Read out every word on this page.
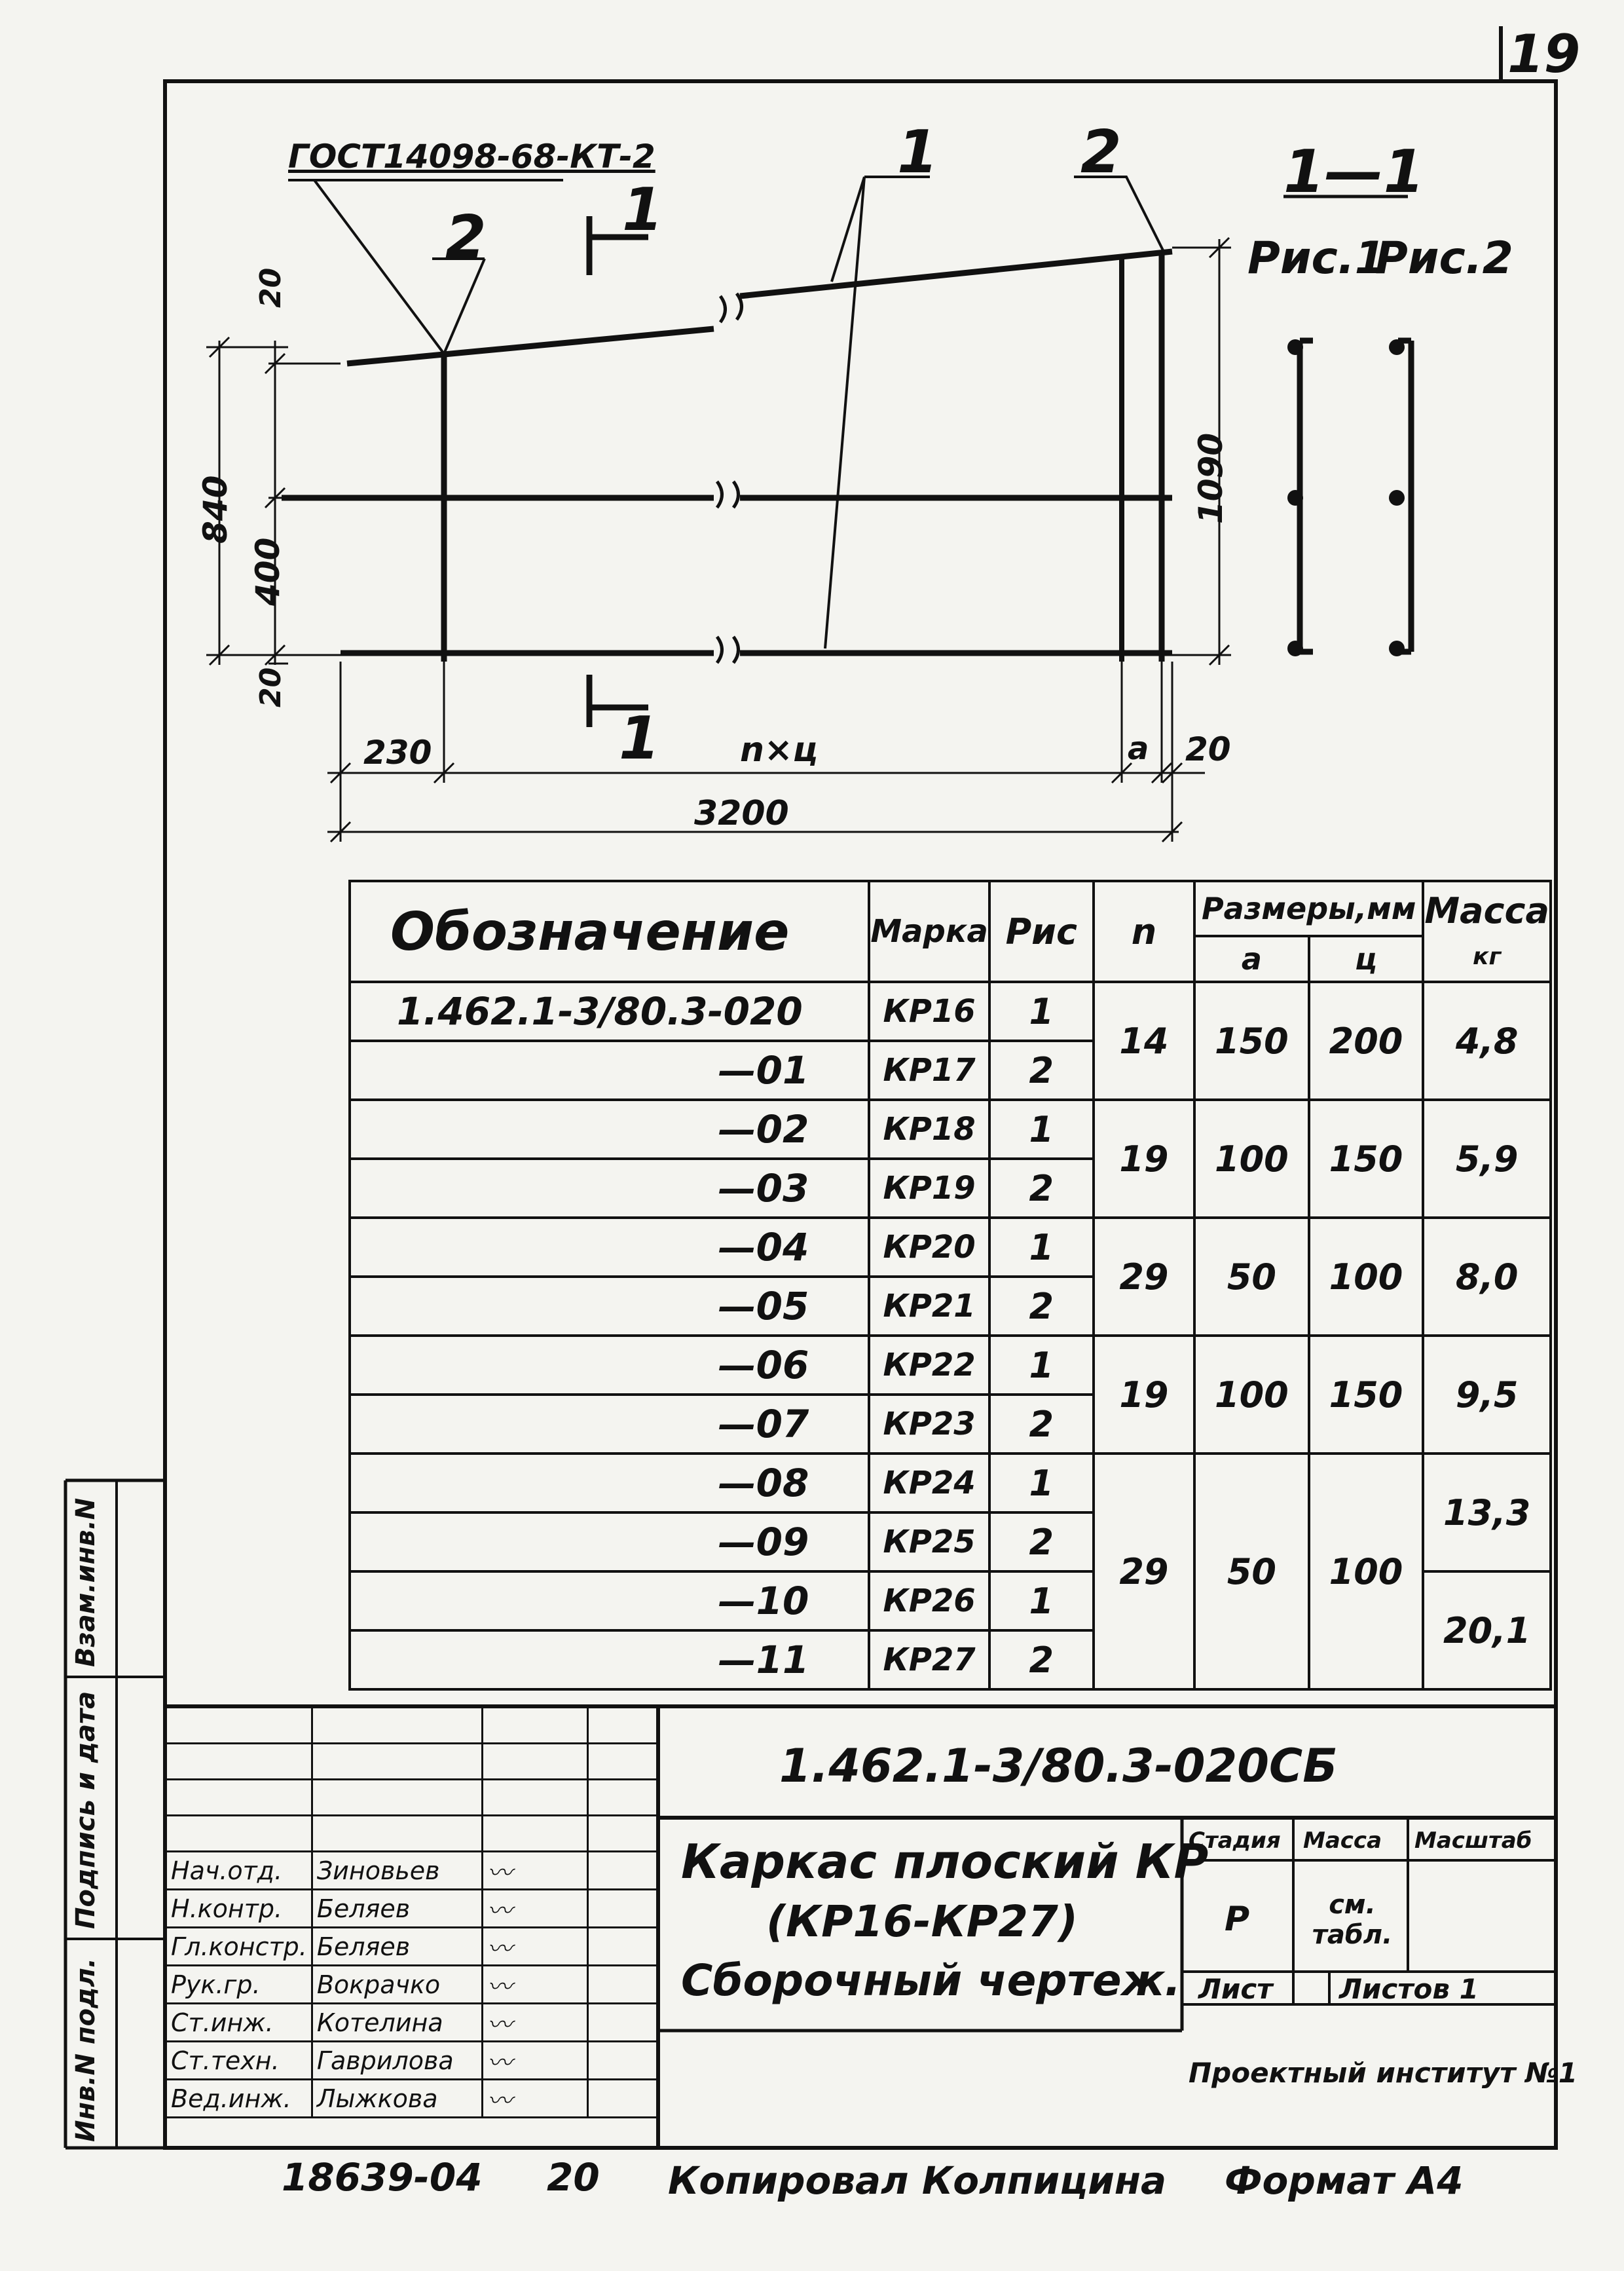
19
ГОСТ14098-68-КТ-2	1 2
2 1
1
1—1
Рис.1
Рис.2
20
400
20
840	1090
230	n×ц	a 20
3200
Обозначение	Марка	Рис	n	Размеры,мм		Масса
кг
				а	ц	
1.462.1-3/80.3-020	КР16	1	14	150	200	4,8
—01	КР17	2				
—02	КР18	1	19	100	150	5,9
—03	КР19	2				
—04	КР20	1	29	50	100	8,0
—05	КР21	2				
—06	КР22	1	19	100	150	9,5
—07	КР23	2				
—08	КР24	1	29	50	100	13,3
—09	КР25	2				
—10	КР26	1				20,1
—11	КР27	2				
Инв.N подл.
Подпись и дата
Взам.инв.N

Нач.отд.	Зиновьев	〰	
Н.контр.	Беляев	〰	
Гл.констр.	Беляев	〰	
Рук.гр.	Вокрачко	〰	
Ст.инж.	Котелина	〰	
Ст.техн.	Гаврилова	〰	
Вед.инж.	Лыжкова	〰	
1.462.1-3/80.3-020СБ
Каркас плоский КР
(КР16-КР27)
Сборочный чертеж.
Стадия Масса Масштаб
Р	см. табл.
Лист Листов 1
Проектный институт №1
18639-04 20 Копировал Колпицина Формат А4
